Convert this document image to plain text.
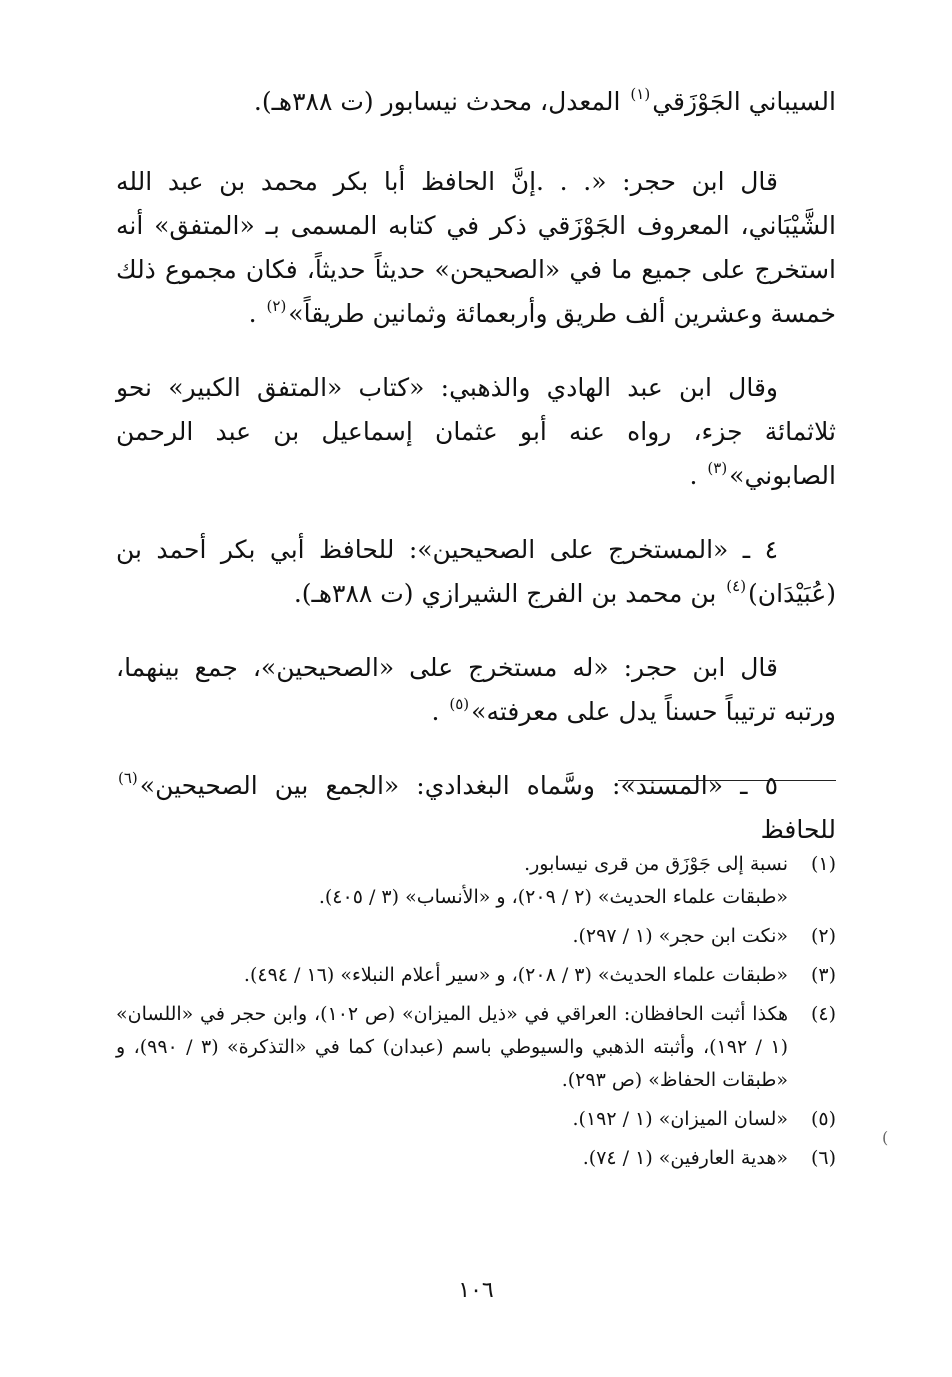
السيباني الجَوْزَقي$^{(١)}$ المعدل، محدث نيسابور (ت ٣٨٨هـ).

قال ابن حجر: «. . .إنَّ الحافظ أبا بكر محمد بن عبد الله الشَّيْبَاني، المعروف الجَوْزَقي ذكر في كتابه المسمى بـ «المتفق» أنه استخرج على جميع ما في «الصحيحن» حديثاً حديثاً، فكان مجموع ذلك خمسة وعشرين ألف طريق وأربعمائة وثمانين طريقاً»$^{(٢)}$ .

وقال ابن عبد الهادي والذهبي: «كتاب «المتفق الكبير» نحو ثلاثمائة جزء، رواه عنه أبو عثمان إسماعيل بن عبد الرحمن الصابوني»$^{(٣)}$ .

٤ ـ «المستخرج على الصحيحين»: للحافظ أبي بكر أحمد بن (عُبَيْدَان)$^{(٤)}$ بن محمد بن الفرج الشيرازي (ت ٣٨٨هـ).

قال ابن حجر: «له مستخرج على «الصحيحين»، جمع بينهما، ورتبه ترتيباً حسناً يدل على معرفته»$^{(٥)}$ .

٥ ـ «المسند»: وسَّماه البغدادي: «الجمع بين الصحيحين»$^{(٦)}$ للحافظ

(١)
نسبة إلى جَوْزَق من قرى نيسابور.
«طبقات علماء الحديث» (٢ / ٢٠٩)، و «الأنساب» (٣ / ٤٠٥).
(٢)
«نكت ابن حجر» (١ / ٢٩٧).
(٣)
«طبقات علماء الحديث» (٣ / ٢٠٨)، و «سير أعلام النبلاء» (١٦ / ٤٩٤).
(٤)
هكذا أثبت الحافظان: العراقي في «ذيل الميزان» (ص ١٠٢)، وابن حجر في «اللسان» (١ / ١٩٢)، وأثبته الذهبي والسيوطي باسم (عبدان) كما في «التذكرة» (٣ / ٩٩٠)، و «طبقات الحفاظ» (ص ٢٩٣).
(٥)
«لسان الميزان» (١ / ١٩٢).
(٦)
«هدية العارفين» (١ / ٧٤).
(
١٠٦
